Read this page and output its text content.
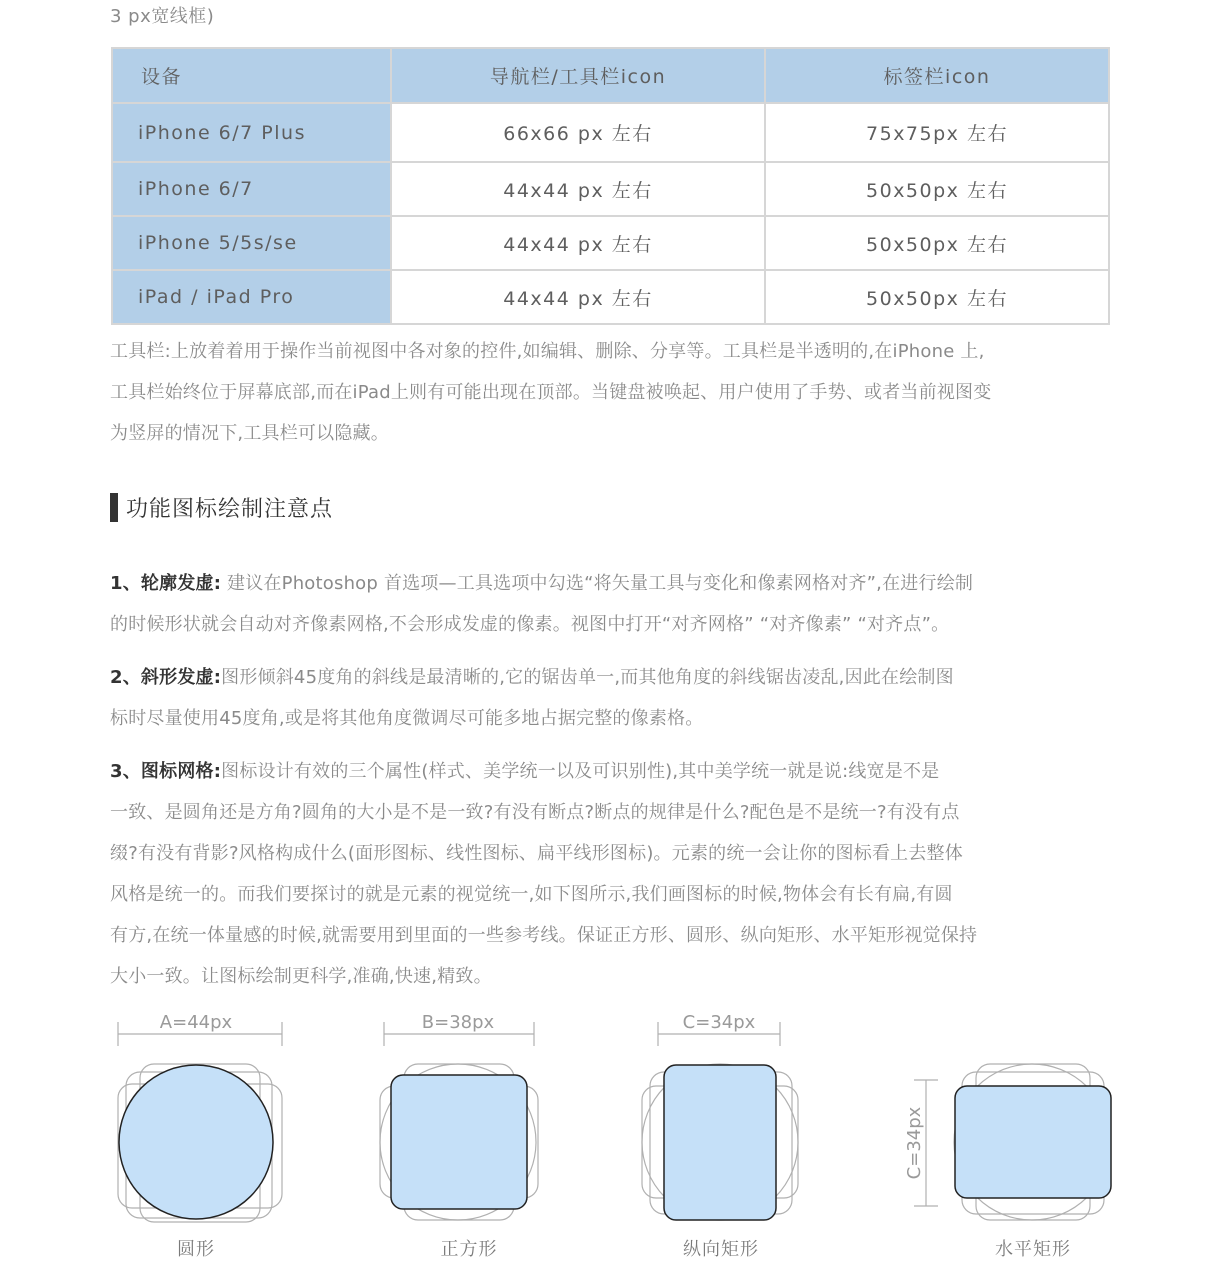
3 px宽线框)
设备	导航栏/工具栏icon	标签栏icon
iPhone 6/7 Plus	66x66 px 左右	75x75px 左右
iPhone 6/7	44x44 px 左右	50x50px 左右
iPhone 5/5s/se	44x44 px 左右	50x50px 左右
iPad / iPad Pro	44x44 px 左右	50x50px 左右
工具栏:上放着着用于操作当前视图中各对象的控件,如编辑、删除、分享等。工具栏是半透明的,在iPhone 上,
工具栏始终位于屏幕底部,而在iPad上则有可能出现在顶部。当键盘被唤起、用户使用了手势、或者当前视图变
为竖屏的情况下,工具栏可以隐藏。
功能图标绘制注意点
1、轮廓发虚: 建议在Photoshop 首选项—工具选项中勾选“将矢量工具与变化和像素网格对齐”,在进行绘制
的时候形状就会自动对齐像素网格,不会形成发虚的像素。视图中打开“对齐网格” “对齐像素” “对齐点”。
2、斜形发虚:图形倾斜45度角的斜线是最清晰的,它的锯齿单一,而其他角度的斜线锯齿凌乱,因此在绘制图
标时尽量使用45度角,或是将其他角度微调尽可能多地占据完整的像素格。
3、图标网格:图标设计有效的三个属性(样式、美学统一以及可识别性),其中美学统一就是说:线宽是不是
一致、是圆角还是方角?圆角的大小是不是一致?有没有断点?断点的规律是什么?配色是不是统一?有没有点
缀?有没有背影?风格构成什么(面形图标、线性图标、扁平线形图标)。元素的统一会让你的图标看上去整体
风格是统一的。而我们要探讨的就是元素的视觉统一,如下图所示,我们画图标的时候,物体会有长有扁,有圆
有方,在统一体量感的时候,就需要用到里面的一些参考线。保证正方形、圆形、纵向矩形、水平矩形视觉保持
大小一致。让图标绘制更科学,准确,快速,精致。
A=44px	B=38px	C=34px
C=34px
圆形	正方形	纵向矩形	水平矩形
